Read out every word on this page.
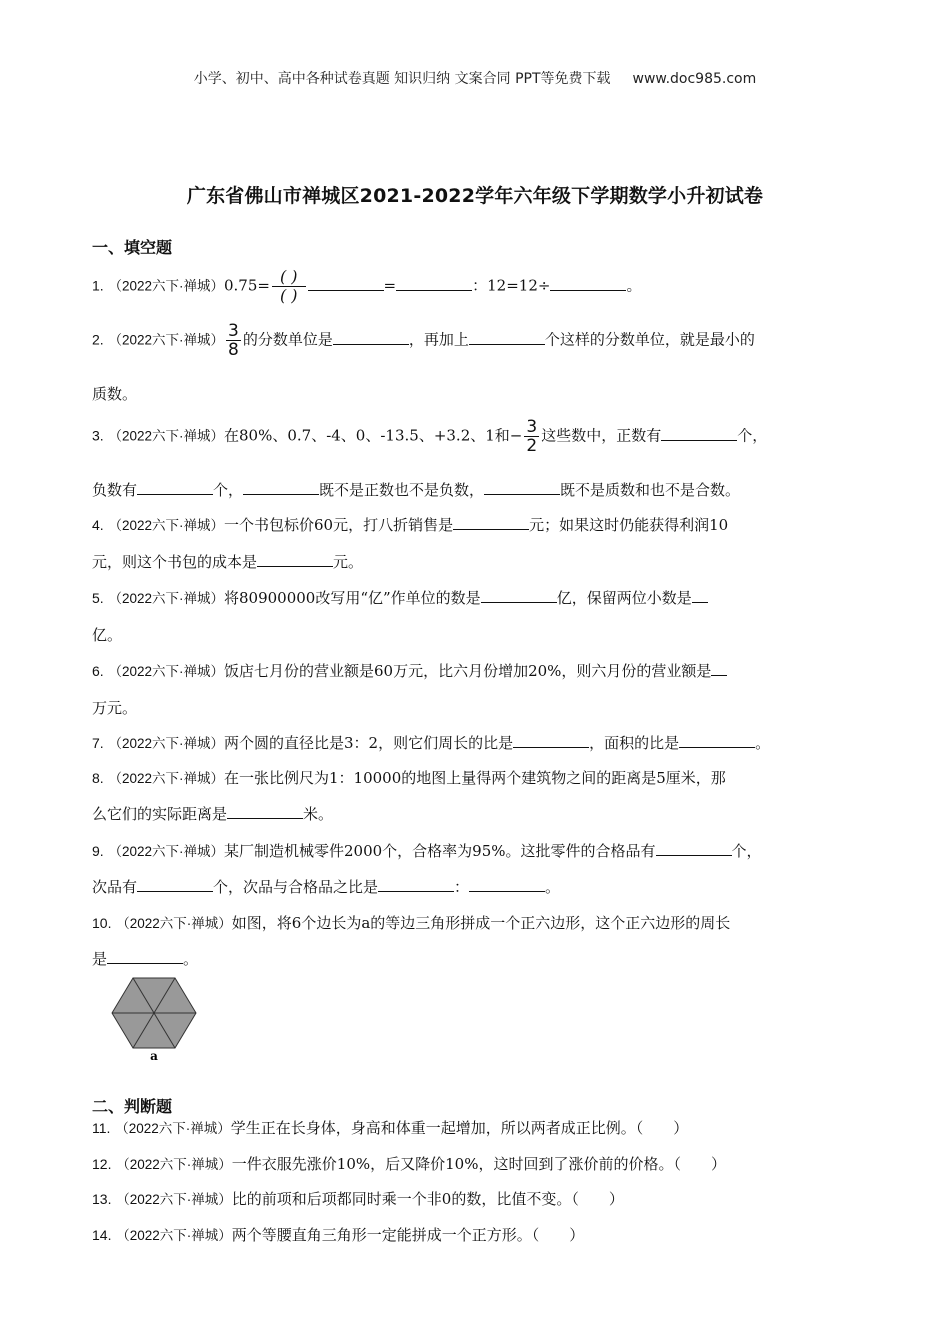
小学、初中、高中各种试卷真题 知识归纳 文案合同 PPT等免费下载 www.doc985.com
广东省佛山市禅城区2021-2022学年六年级下学期数学小升初试卷
一、填空题
1. （2022六下·禅城）$0.75= \frac{( )}{( )}$	=	：12=12÷	。
2. （2022六下·禅城） $\frac{3}{8}$ 的分数单位是	，再加上	个这样的分数单位，就是最小的
质数。
3. （2022六下·禅城）在80%、0.7、-4、0、-13.5、+3.2、1和− $\frac{3}{2}$ 这些数中，正数有	个，
负数有	个，	既不是正数也不是负数，	既不是质数和也不是合数。
4. （2022六下·禅城）一个书包标价60元，打八折销售是	元；如果这时仍能获得利润10
元，则这个书包的成本是	元。
5. （2022六下·禅城）将80900000改写用“亿”作单位的数是	亿，保留两位小数是
亿。
6. （2022六下·禅城）饭店七月份的营业额是60万元，比六月份增加20%，则六月份的营业额是
万元。
7. （2022六下·禅城）两个圆的直径比是3：2，则它们周长的比是	，面积的比是	。
8. （2022六下·禅城）在一张比例尺为1：10000的地图上量得两个建筑物之间的距离是5厘米，那
么它们的实际距离是	米。
9. （2022六下·禅城）某厂制造机械零件2000个，合格率为95%。这批零件的合格品有	个，
次品有	个，次品与合格品之比是	：	。
10. （2022六下·禅城）如图，将6个边长为a的等边三角形拼成一个正六边形，这个正六边形的周长
是	。
a
二、判断题
11. （2022六下·禅城）学生正在长身体，身高和体重一起增加，所以两者成正比例。（　　）
12. （2022六下·禅城）一件衣服先涨价10%，后又降价10%，这时回到了涨价前的价格。（　　）
13. （2022六下·禅城）比的前项和后项都同时乘一个非0的数，比值不变。（　　）
14. （2022六下·禅城）两个等腰直角三角形一定能拼成一个正方形。（　　）
